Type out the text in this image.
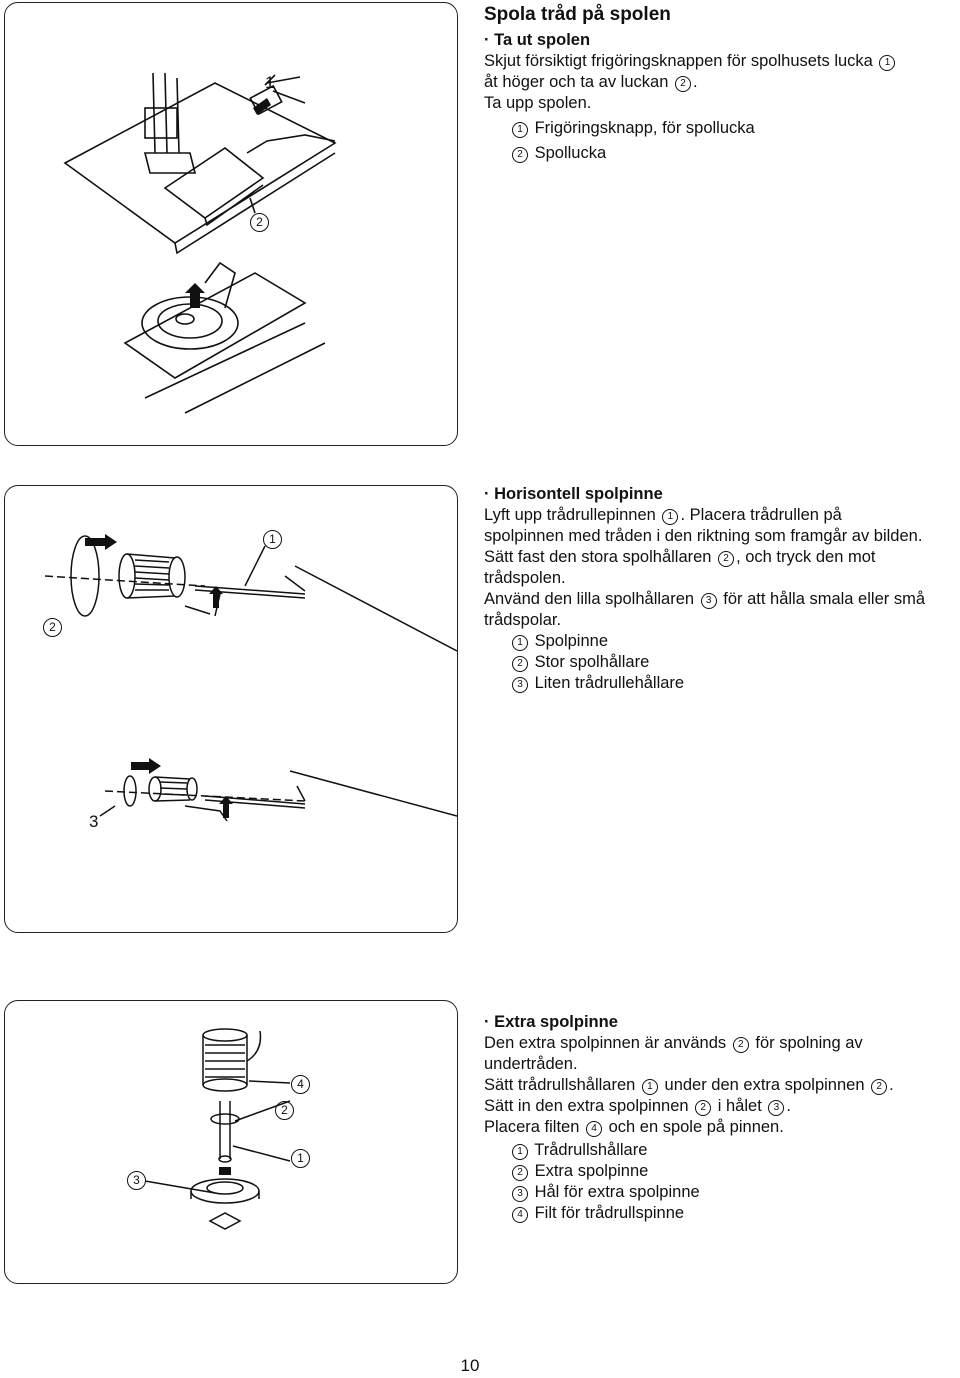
1
2
1
2
3
3
4
2
1
Spola tråd på spolen
· Ta ut spolen
Skjut försiktigt frigöringsknappen för spolhusets lucka 1
åt höger och ta av luckan 2 .
Ta upp spolen.
1 Frigöringsknapp, för spollucka
2 Spollucka
· Horisontell spolpinne
Lyft upp trådrullepinnen 1 . Placera trådrullen på
spolpinnen med tråden i den riktning som framgår av bilden.
Sätt fast den stora spolhållaren 2 , och tryck den mot
trådspolen.
Använd den lilla spolhållaren 3 för att hålla smala eller små
trådspolar.
1 Spolpinne
2 Stor spolhållare
3 Liten trådrullehållare
· Extra spolpinne
Den extra spolpinnen är används 2 för spolning av
undertråden.
Sätt trådrullshållaren 1 under den extra spolpinnen 2 .
Sätt in den extra spolpinnen 2 i hålet 3 .
Placera filten 4 och en spole på pinnen.
1 Trådrullshållare
2 Extra spolpinne
3 Hål för extra spolpinne
4 Filt för trådrullspinne
10
